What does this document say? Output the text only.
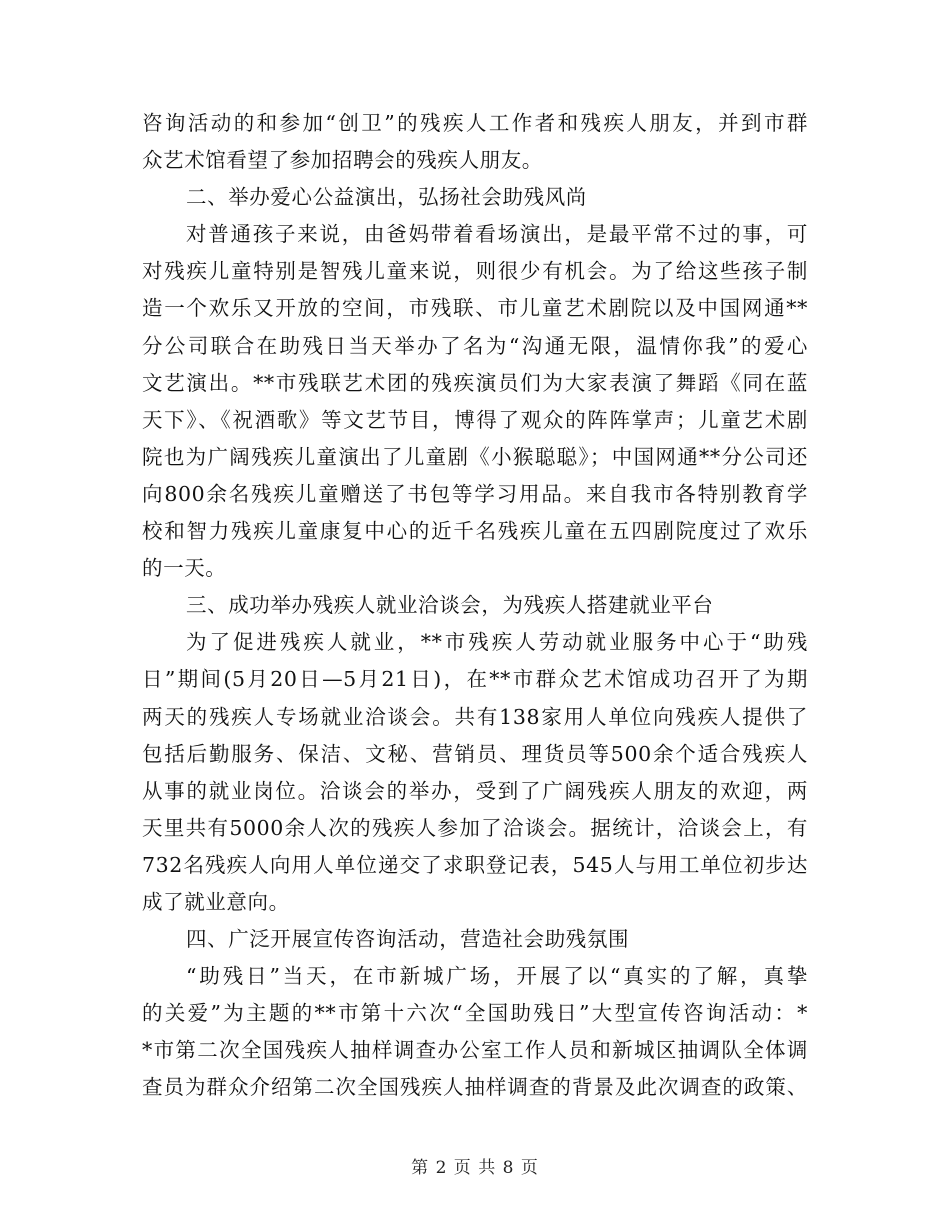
咨询活动的和参加“创卫”的残疾人工作者和残疾人朋友，并到市群
众艺术馆看望了参加招聘会的残疾人朋友。
二、举办爱心公益演出，弘扬社会助残风尚
对普通孩子来说，由爸妈带着看场演出，是最平常不过的事，可
对残疾儿童特别是智残儿童来说，则很少有机会。为了给这些孩子制
造一个欢乐又开放的空间，市残联、市儿童艺术剧院以及中国网通**
分公司联合在助残日当天举办了名为“沟通无限，温情你我”的爱心
文艺演出。**市残联艺术团的残疾演员们为大家表演了舞蹈《同在蓝
天下》、《祝酒歌》等文艺节目，博得了观众的阵阵掌声；儿童艺术剧
院也为广阔残疾儿童演出了儿童剧《小猴聪聪》；中国网通**分公司还
向800余名残疾儿童赠送了书包等学习用品。来自我市各特别教育学
校和智力残疾儿童康复中心的近千名残疾儿童在五四剧院度过了欢乐
的一天。
三、成功举办残疾人就业洽谈会，为残疾人搭建就业平台
为了促进残疾人就业，**市残疾人劳动就业服务中心于“助残
日”期间(5月20日—5月21日)，在**市群众艺术馆成功召开了为期
两天的残疾人专场就业洽谈会。共有138家用人单位向残疾人提供了
包括后勤服务、保洁、文秘、营销员、理货员等500余个适合残疾人
从事的就业岗位。洽谈会的举办，受到了广阔残疾人朋友的欢迎，两
天里共有5000余人次的残疾人参加了洽谈会。据统计，洽谈会上，有
732名残疾人向用人单位递交了求职登记表，545人与用工单位初步达
成了就业意向。
四、广泛开展宣传咨询活动，营造社会助残氛围
“助残日”当天，在市新城广场，开展了以“真实的了解，真挚
的关爱”为主题的**市第十六次“全国助残日”大型宣传咨询活动：*
*市第二次全国残疾人抽样调查办公室工作人员和新城区抽调队全体调
查员为群众介绍第二次全国残疾人抽样调查的背景及此次调查的政策、
第 2 页 共 8 页
